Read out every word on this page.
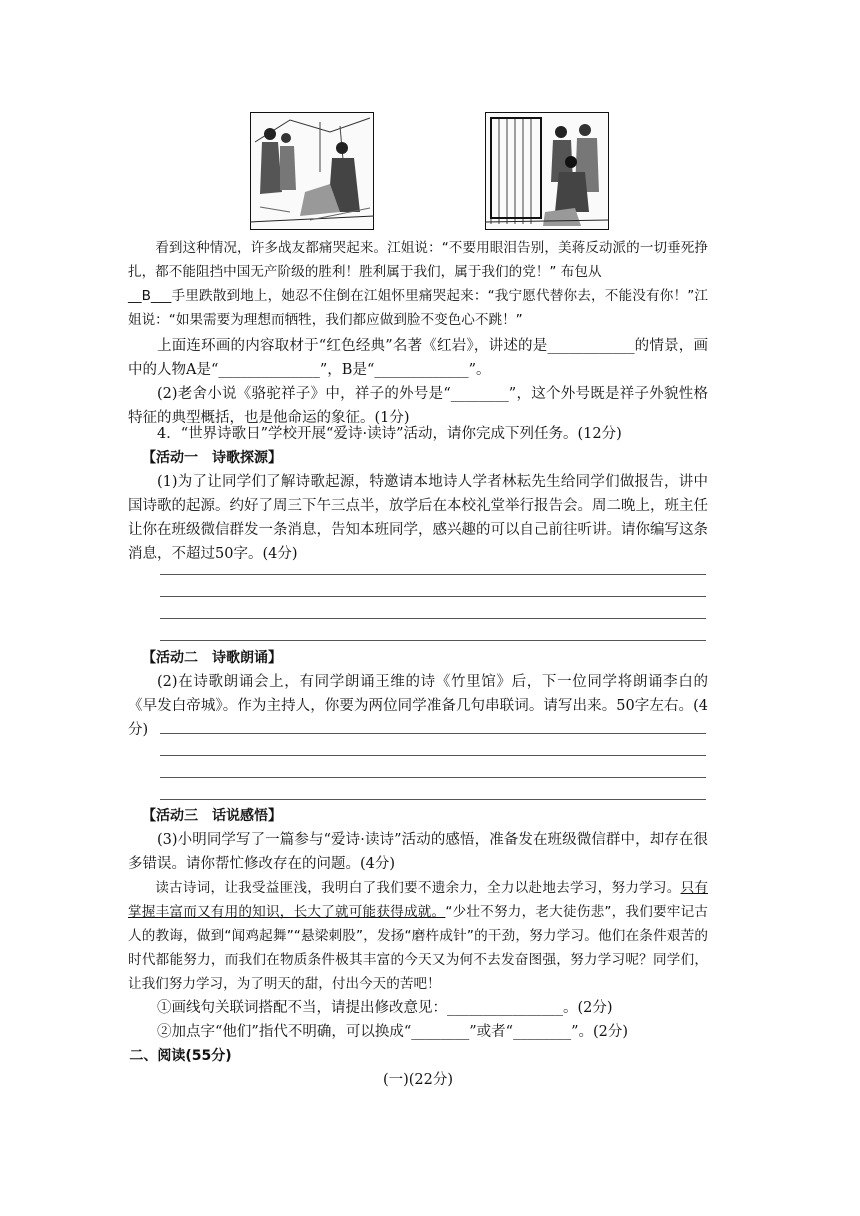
看到这种情况，许多战友都痛哭起来。江姐说：“不要用眼泪告别，美蒋反动派的一切垂死挣扎，都不能阻挡中国无产阶级的胜利！胜利属于我们，属于我们的党！” 布包从

__B___手里跌散到地上，她忍不住倒在江姐怀里痛哭起来：“我宁愿代替你去，不能没有你！”江姐说：“如果需要为理想而牺牲，我们都应做到脸不变色心不跳！”

上面连环画的内容取材于“红色经典”名著《红岩》，讲述的是____________的情景，画中的人物A是“______________”，B是“_____________”。

(2)老舍小说《骆驼祥子》中，祥子的外号是“________”，这个外号既是祥子外貌性格特征的典型概括，也是他命运的象征。(1分)

4．“世界诗歌日”学校开展“爱诗·读诗”活动，请你完成下列任务。(12分)

【活动一　诗歌探源】

(1)为了让同学们了解诗歌起源，特邀请本地诗人学者林耘先生给同学们做报告，讲中国诗歌的起源。约好了周三下午三点半，放学后在本校礼堂举行报告会。周二晚上，班主任让你在班级微信群发一条消息，告知本班同学，感兴趣的可以自己前往听讲。请你编写这条消息，不超过50字。(4分)

【活动二　诗歌朗诵】

(2)在诗歌朗诵会上，有同学朗诵王维的诗《竹里馆》后，下一位同学将朗诵李白的《早发白帝城》。作为主持人，你要为两位同学准备几句串联词。请写出来。50字左右。(4分)

【活动三　话说感悟】

(3)小明同学写了一篇参与“爱诗·读诗”活动的感悟，准备发在班级微信群中，却存在很多错误。请你帮忙修改存在的问题。(4分)

读古诗词，让我受益匪浅，我明白了我们要不遗余力，全力以赴地去学习，努力学习。只有掌握丰富而又有用的知识，长大了就可能获得成就。“少壮不努力，老大徒伤悲”，我们要牢记古人的教诲，做到“闻鸡起舞”“悬梁刺股”，发扬“磨杵成针”的干劲，努力学习。他们在条件艰苦的时代都能努力，而我们在物质条件极其丰富的今天又为何不去发奋图强，努力学习呢？同学们，让我们努力学习，为了明天的甜，付出今天的苦吧！

①画线句关联词搭配不当，请提出修改意见：________________。(2分)

②加点字“他们”指代不明确，可以换成“________”或者“________”。(2分)

二、阅读(55分)

(一)(22分)
